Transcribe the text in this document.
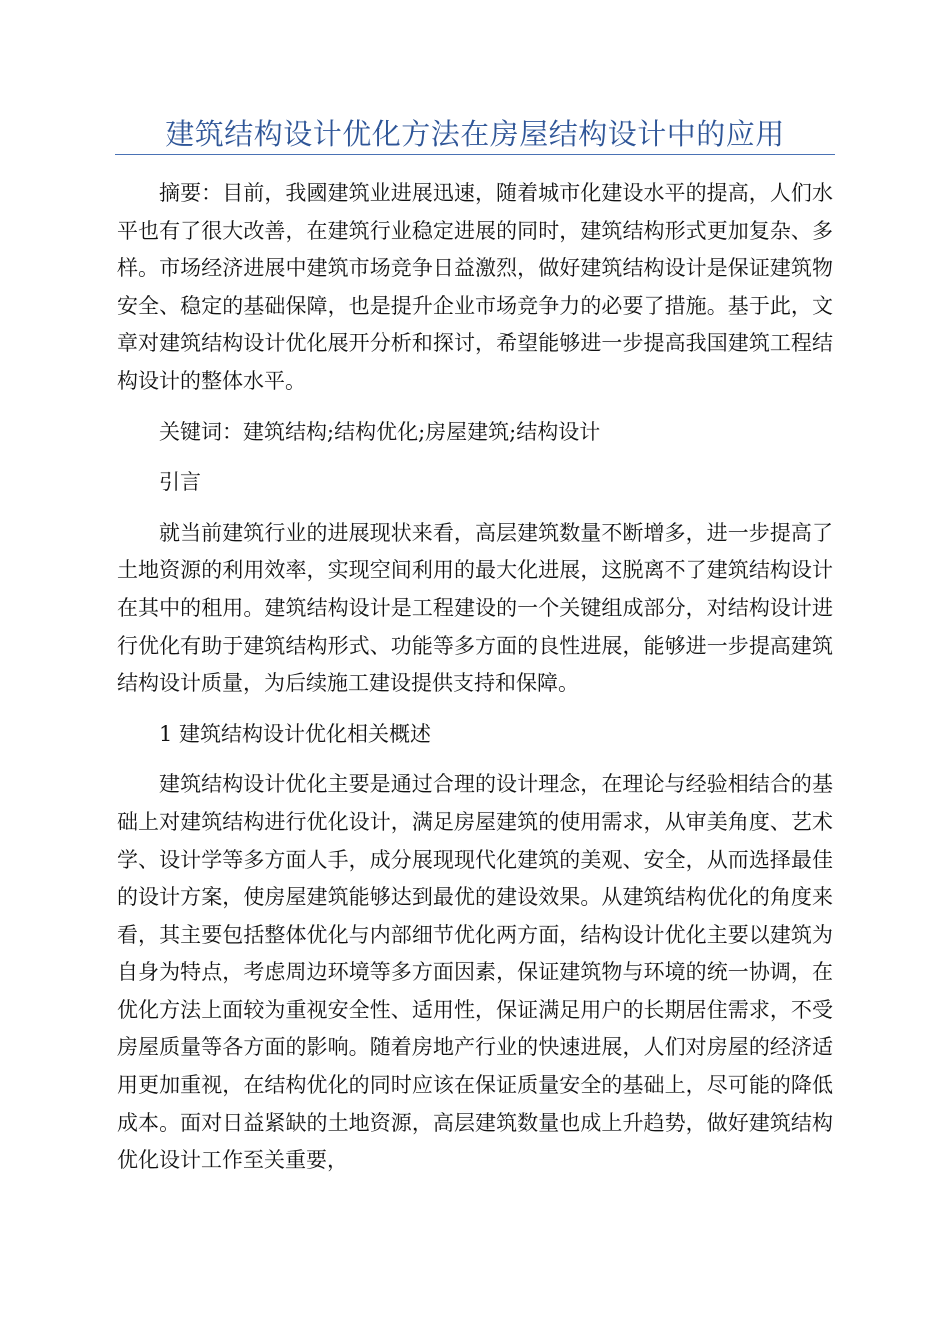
建筑结构设计优化方法在房屋结构设计中的应用

摘要：目前，我國建筑业进展迅速，随着城市化建设水平的提高，人们水平也有了很大改善，在建筑行业稳定进展的同时，建筑结构形式更加复杂、多样。市场经济进展中建筑市场竞争日益激烈，做好建筑结构设计是保证建筑物安全、稳定的基础保障，也是提升企业市场竞争力的必要了措施。基于此，文章对建筑结构设计优化展开分析和探讨，希望能够进一步提高我国建筑工程结构设计的整体水平。

关键词：建筑结构;结构优化;房屋建筑;结构设计

引言

就当前建筑行业的进展现状来看，高层建筑数量不断增多，进一步提高了土地资源的利用效率，实现空间利用的最大化进展，这脱离不了建筑结构设计在其中的租用。建筑结构设计是工程建设的一个关键组成部分，对结构设计进行优化有助于建筑结构形式、功能等多方面的良性进展，能够进一步提高建筑结构设计质量，为后续施工建设提供支持和保障。

1 建筑结构设计优化相关概述

建筑结构设计优化主要是通过合理的设计理念，在理论与经验相结合的基础上对建筑结构进行优化设计，满足房屋建筑的使用需求，从审美角度、艺术学、设计学等多方面人手，成分展现现代化建筑的美观、安全，从而选择最佳的设计方案，使房屋建筑能够达到最优的建设效果。从建筑结构优化的角度来看，其主要包括整体优化与内部细节优化两方面，结构设计优化主要以建筑为自身为特点，考虑周边环境等多方面因素，保证建筑物与环境的统一协调，在优化方法上面较为重视安全性、适用性，保证满足用户的长期居住需求，不受房屋质量等各方面的影响。随着房地产行业的快速进展，人们对房屋的经济适用更加重视，在结构优化的同时应该在保证质量安全的基础上，尽可能的降低成本。面对日益紧缺的土地资源，高层建筑数量也成上升趋势，做好建筑结构优化设计工作至关重要，
